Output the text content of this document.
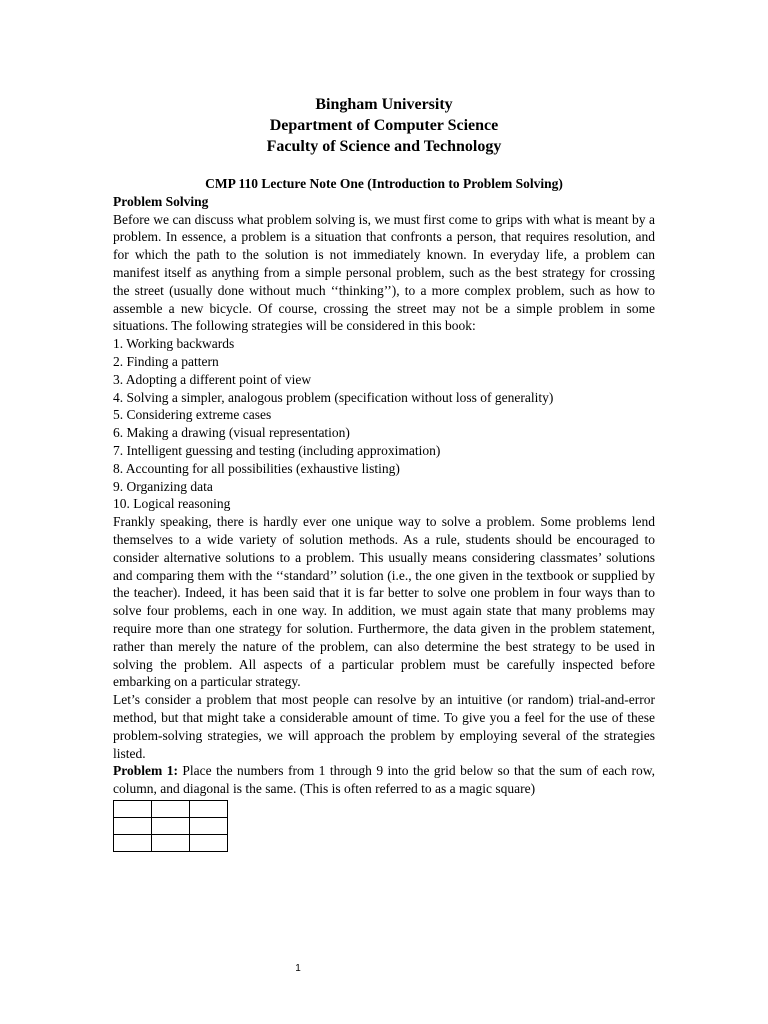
Bingham University
Department of Computer Science
Faculty of Science and Technology
CMP 110 Lecture Note One (Introduction to Problem Solving)
Problem Solving

Before we can discuss what problem solving is, we must first come to grips with what is meant by a problem. In essence, a problem is a situation that confronts a person, that requires resolution, and for which the path to the solution is not immediately known. In everyday life, a problem can manifest itself as anything from a simple personal problem, such as the best strategy for crossing the street (usually done without much ‘‘thinking’’), to a more complex problem, such as how to assemble a new bicycle. Of course, crossing the street may not be a simple problem in some situations. The following strategies will be considered in this book:

1. Working backwards
2. Finding a pattern
3. Adopting a different point of view
4. Solving a simpler, analogous problem (specification without loss of generality)
5. Considering extreme cases
6. Making a drawing (visual representation)
7. Intelligent guessing and testing (including approximation)
8. Accounting for all possibilities (exhaustive listing)
9. Organizing data
10. Logical reasoning

Frankly speaking, there is hardly ever one unique way to solve a problem. Some problems lend themselves to a wide variety of solution methods. As a rule, students should be encouraged to consider alternative solutions to a problem. This usually means considering classmates’ solutions and comparing them with the ‘‘standard’’ solution (i.e., the one given in the textbook or supplied by the teacher). Indeed, it has been said that it is far better to solve one problem in four ways than to solve four problems, each in one way. In addition, we must again state that many problems may require more than one strategy for solution. Furthermore, the data given in the problem statement, rather than merely the nature of the problem, can also determine the best strategy to be used in solving the problem. All aspects of a particular problem must be carefully inspected before embarking on a particular strategy.

Let’s consider a problem that most people can resolve by an intuitive (or random) trial-and-error method, but that might take a considerable amount of time. To give you a feel for the use of these problem-solving strategies, we will approach the problem by employing several of the strategies listed.

Problem 1: Place the numbers from 1 through 9 into the grid below so that the sum of each row, column, and diagonal is the same. (This is often referred to as a magic square)

1
